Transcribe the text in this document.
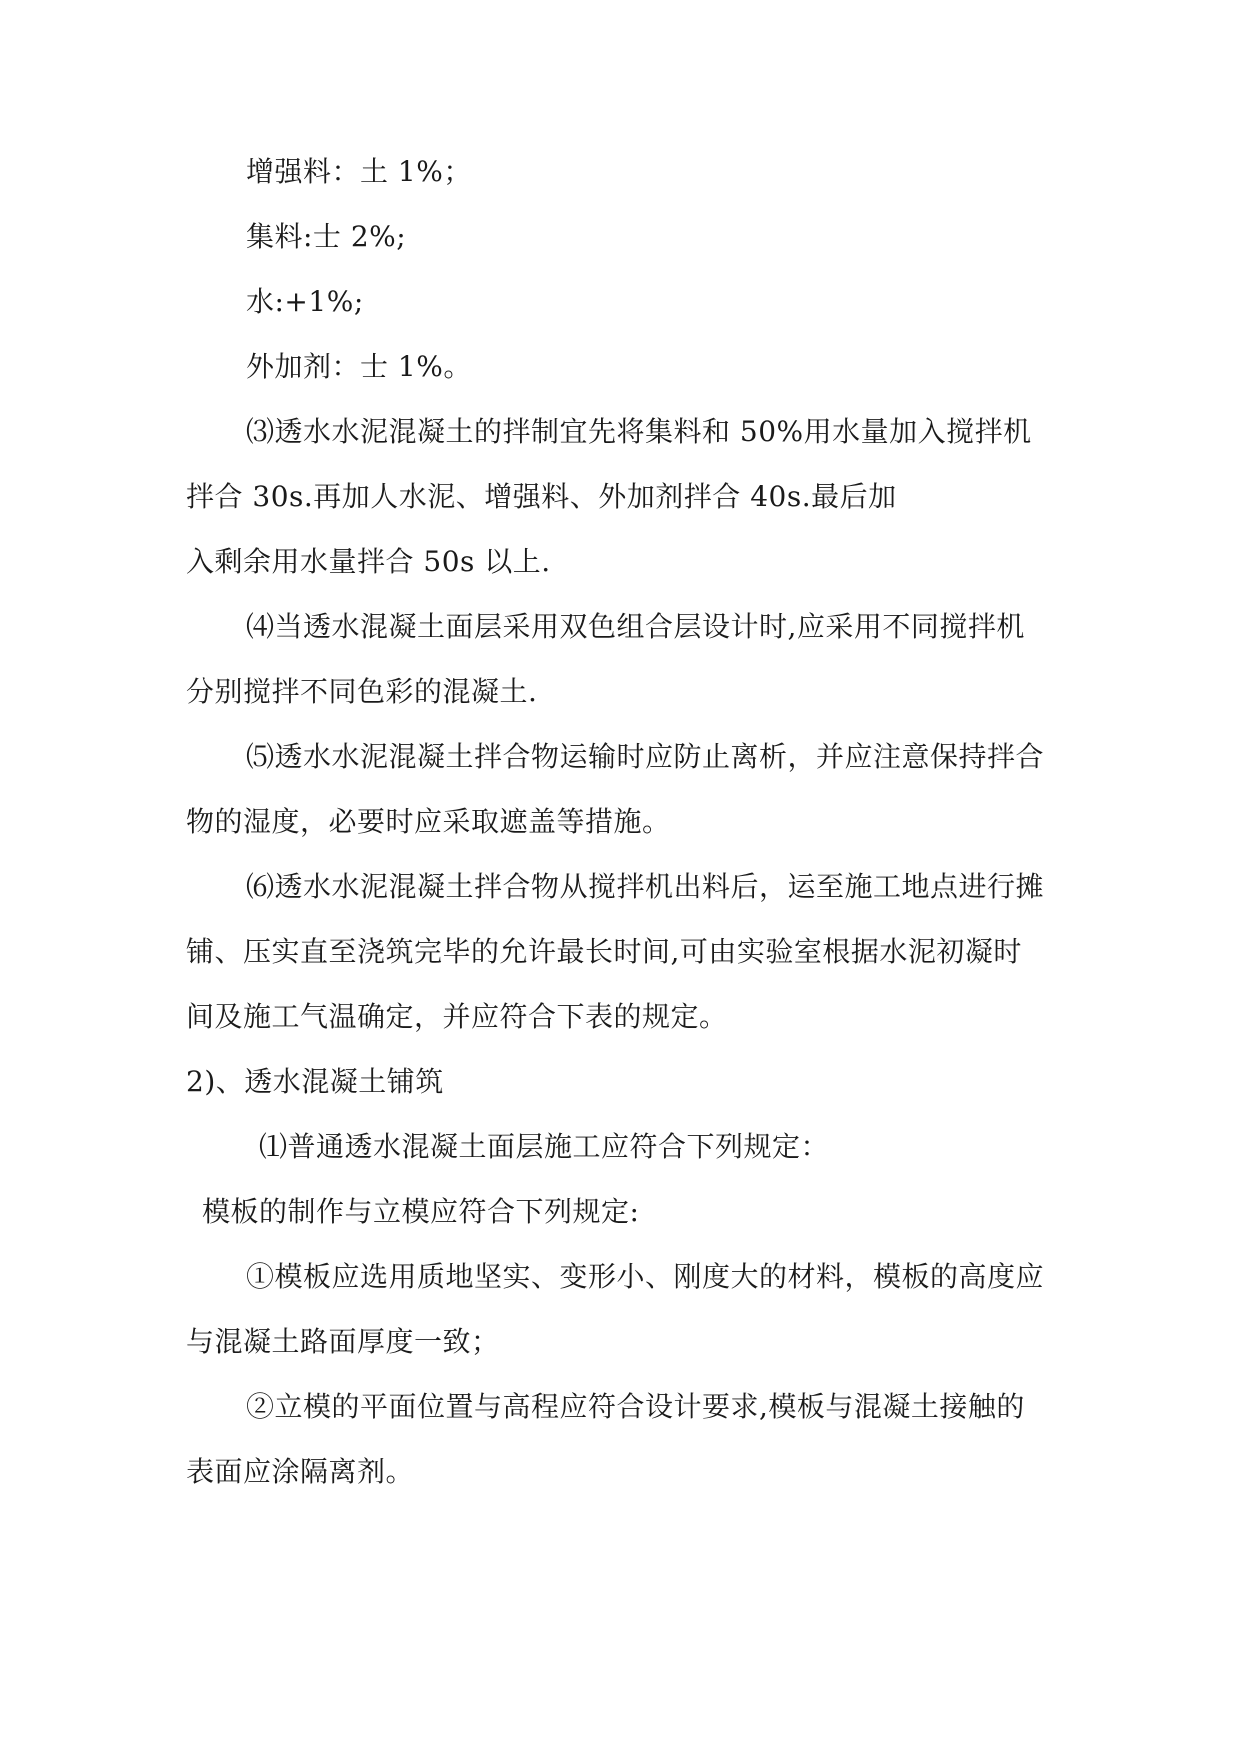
增强料：土 1%；
集料:士 2%;
水:+1%;
外加剂：士 1%。
⑶透水水泥混凝土的拌制宜先将集料和 50%用水量加入搅拌机
拌合 30s.再加人水泥、增强料、外加剂拌合 40s.最后加
入剩余用水量拌合 50s 以上.
⑷当透水混凝土面层采用双色组合层设计时,应采用不同搅拌机
分别搅拌不同色彩的混凝土.
⑸透水水泥混凝土拌合物运输时应防止离析，并应注意保持拌合
物的湿度，必要时应采取遮盖等措施。
⑹透水水泥混凝土拌合物从搅拌机出料后，运至施工地点进行摊
铺、压实直至浇筑完毕的允许最长时间,可由实验室根据水泥初凝时
间及施工气温确定，并应符合下表的规定。
2)、透水混凝土铺筑
⑴普通透水混凝土面层施工应符合下列规定：
模板的制作与立模应符合下列规定:
①模板应选用质地坚实、变形小、刚度大的材料，模板的高度应
与混凝土路面厚度一致；
②立模的平面位置与高程应符合设计要求,模板与混凝土接触的
表面应涂隔离剂。
